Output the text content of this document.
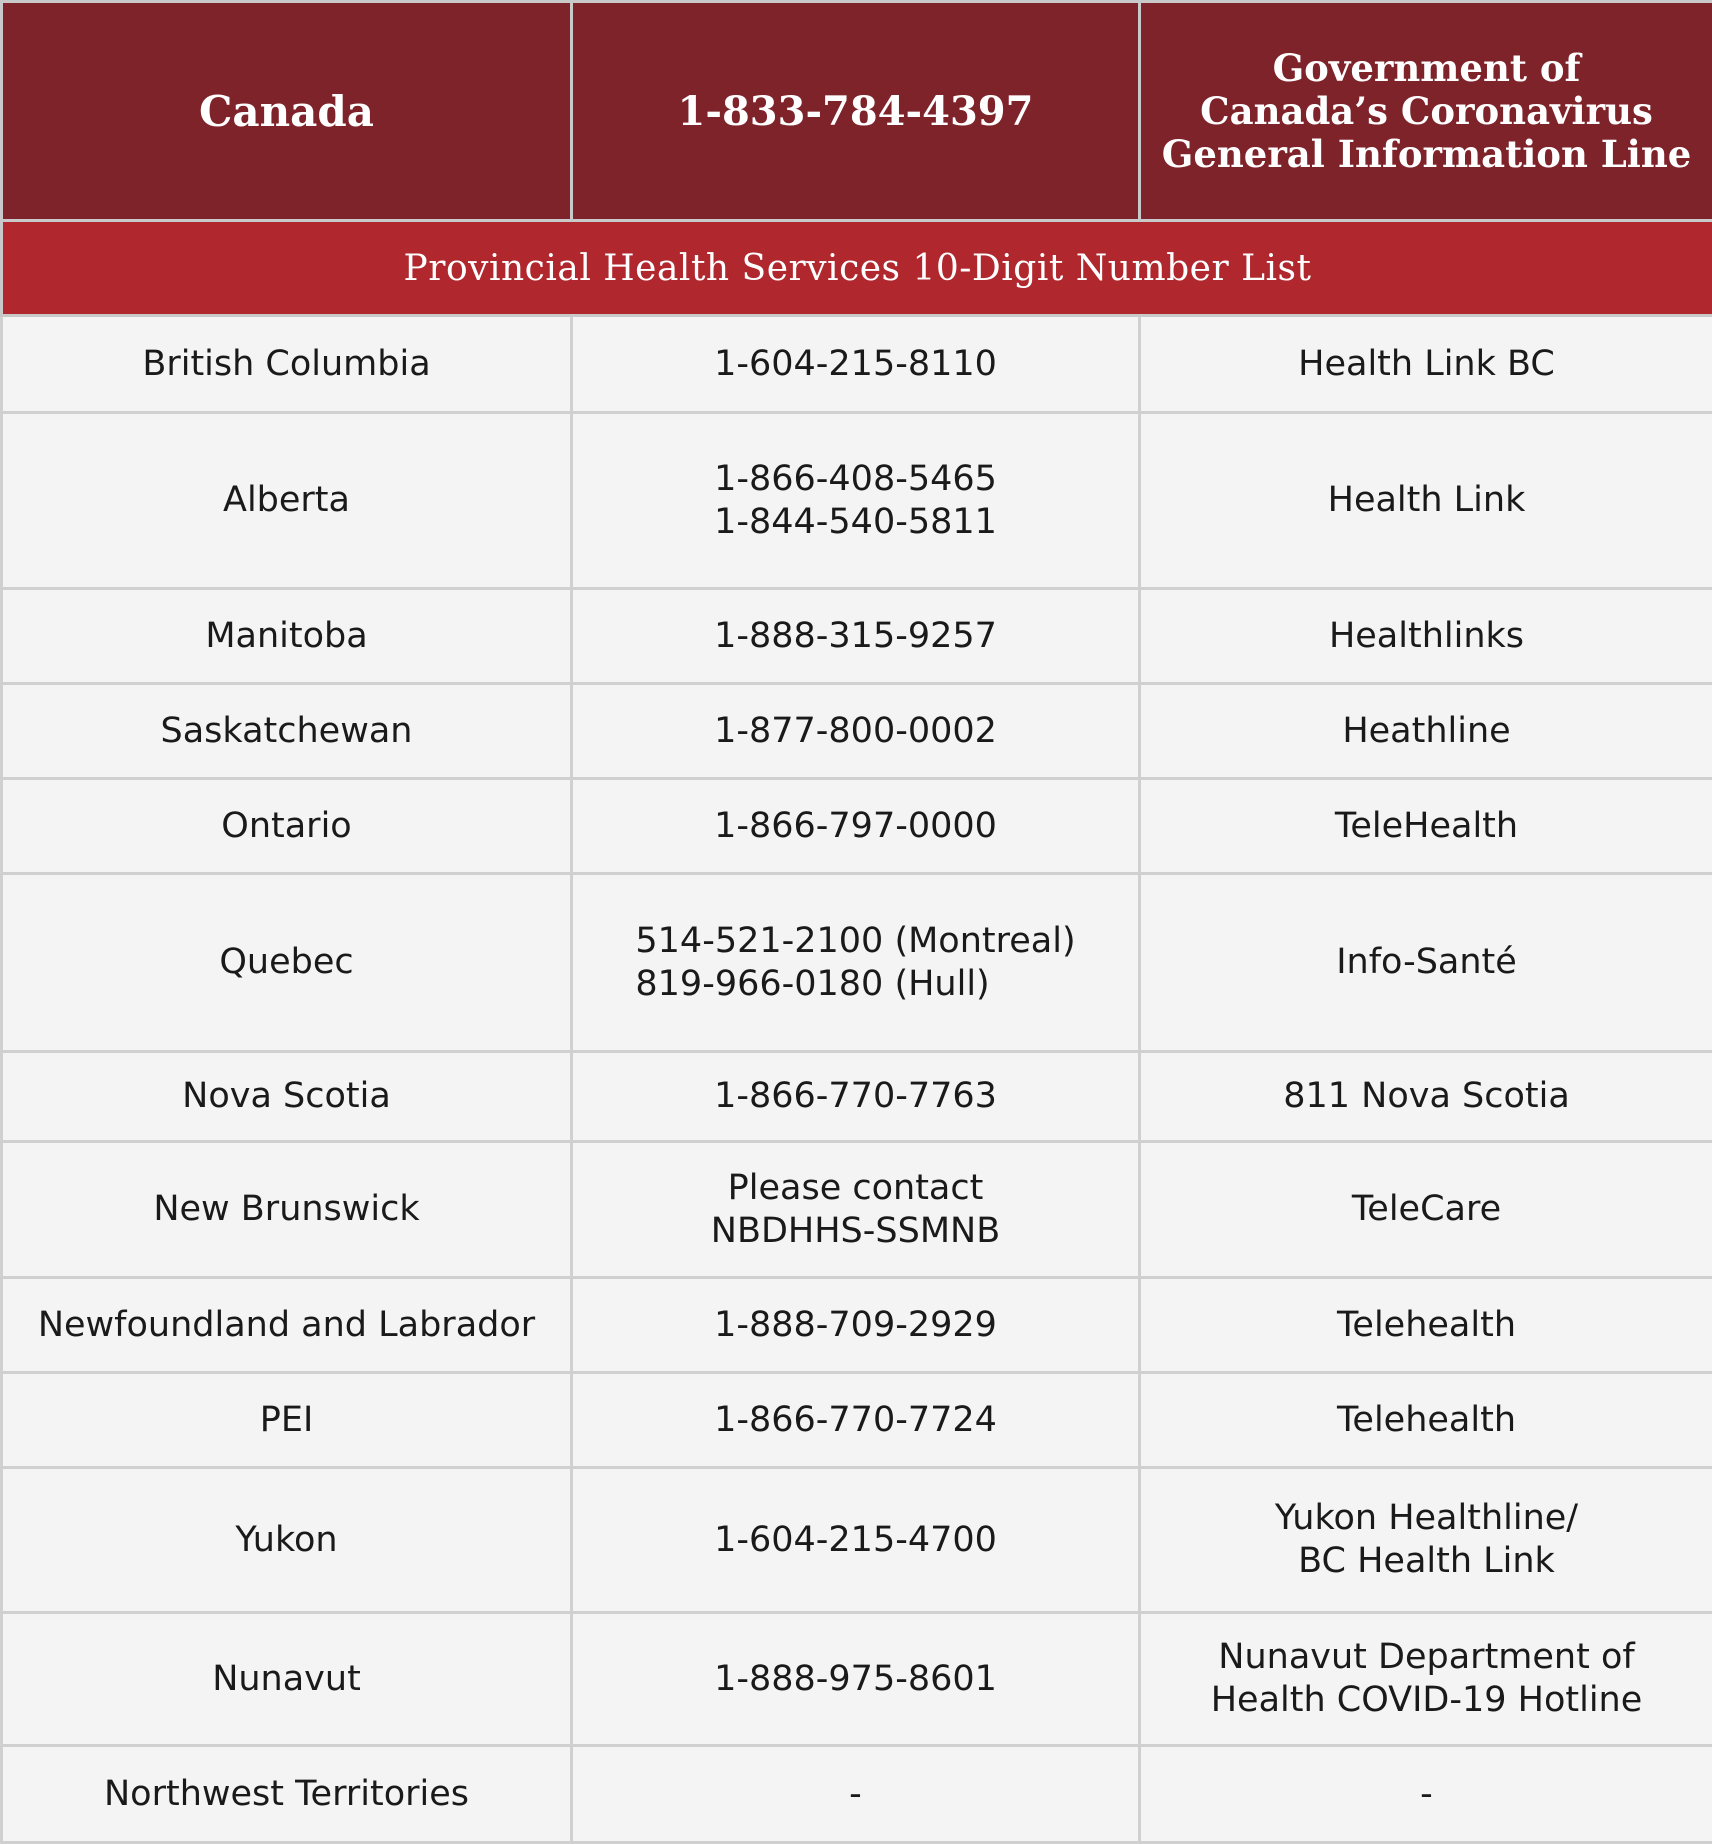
Canada	1-833-784-4397	Government of
Canada’s Coronavirus
General Information Line

Provincial Health Services 10-Digit Number List		
British Columbia	1-604-215-8110	Health Link BC

Alberta	1-866-408-5465
1-844-540-5811	Health Link

Manitoba	1-888-315-9257	Healthlinks

Saskatchewan	1-877-800-0002	Heathline

Ontario	1-866-797-0000	TeleHealth

Quebec	514-521-2100 (Montreal)
819-966-0180 (Hull)	Info-Santé

Nova Scotia	1-866-770-7763	811 Nova Scotia

New Brunswick	Please contact
NBDHHS-SSMNB	TeleCare

Newfoundland and Labrador	1-888-709-2929	Telehealth

PEI	1-866-770-7724	Telehealth

Yukon	1-604-215-4700	Yukon Healthline/
BC Health Link

Nunavut	1-888-975-8601	Nunavut Department of
Health COVID-19 Hotline

Northwest Territories	-	-
